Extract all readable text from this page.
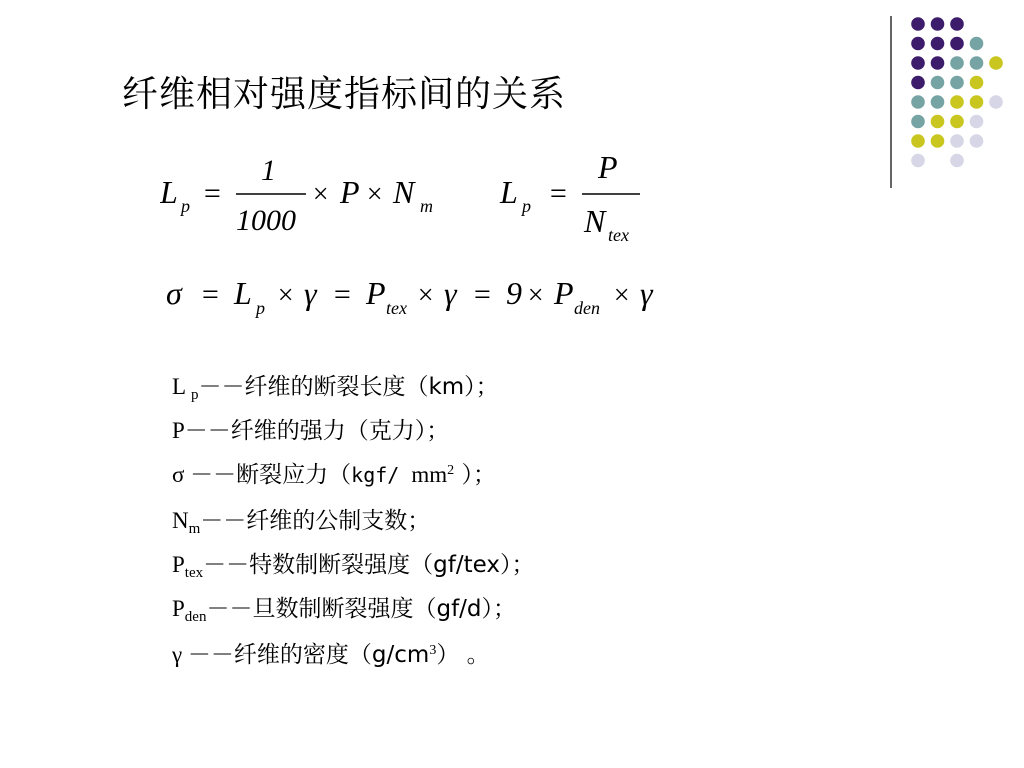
纤维相对强度指标间的关系
L p =
1
1000
× P × N m L p =
P
N tex
σ = L p × γ = P tex × γ = 9 × P den × γ
L $_p$－－纤维的断裂长度（km）；
P－－纤维的强力（克力）；
σ －－断裂应力（kgf/ $mm^2$ ）；
$N_m--$纤维的公制支数；
$P_{tex}--$特数制断裂强度（gf/tex）；
$P_{den}--$旦数制断裂强度（gf/d）；
γ －－纤维的密度$(g/cm^3)$ 。
